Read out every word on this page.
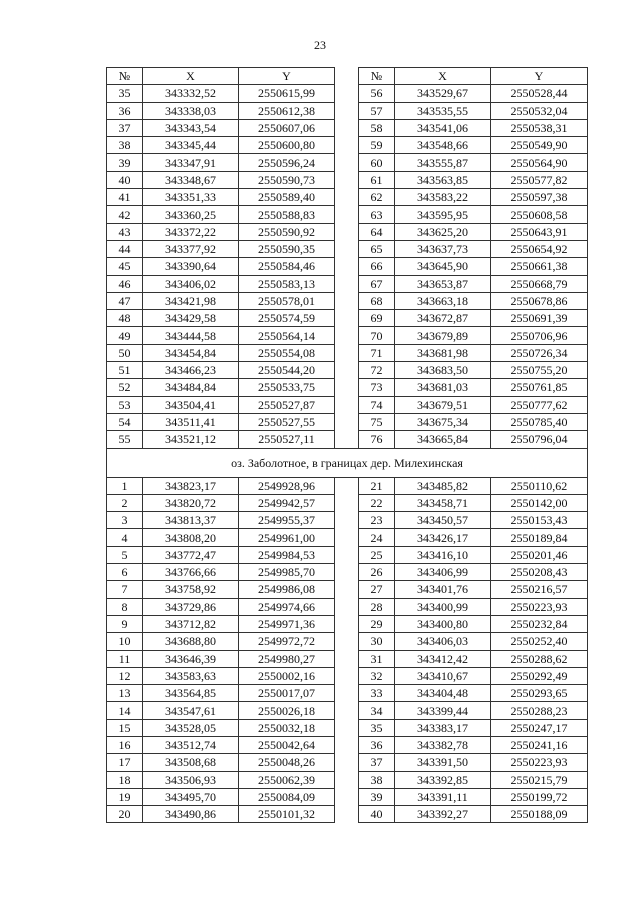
23
№	X	Y		№	X	Y
35	343332,52	2550615,99		56	343529,67	2550528,44
36	343338,03	2550612,38		57	343535,55	2550532,04
37	343343,54	2550607,06		58	343541,06	2550538,31
38	343345,44	2550600,80		59	343548,66	2550549,90
39	343347,91	2550596,24		60	343555,87	2550564,90
40	343348,67	2550590,73		61	343563,85	2550577,82
41	343351,33	2550589,40		62	343583,22	2550597,38
42	343360,25	2550588,83		63	343595,95	2550608,58
43	343372,22	2550590,92		64	343625,20	2550643,91
44	343377,92	2550590,35		65	343637,73	2550654,92
45	343390,64	2550584,46		66	343645,90	2550661,38
46	343406,02	2550583,13		67	343653,87	2550668,79
47	343421,98	2550578,01		68	343663,18	2550678,86
48	343429,58	2550574,59		69	343672,87	2550691,39
49	343444,58	2550564,14		70	343679,89	2550706,96
50	343454,84	2550554,08		71	343681,98	2550726,34
51	343466,23	2550544,20		72	343683,50	2550755,20
52	343484,84	2550533,75		73	343681,03	2550761,85
53	343504,41	2550527,87		74	343679,51	2550777,62
54	343511,41	2550527,55		75	343675,34	2550785,40
55	343521,12	2550527,11		76	343665,84	2550796,04
оз. Заболотное, в границах дер. Милехинская						
1	343823,17	2549928,96		21	343485,82	2550110,62
2	343820,72	2549942,57		22	343458,71	2550142,00
3	343813,37	2549955,37		23	343450,57	2550153,43
4	343808,20	2549961,00		24	343426,17	2550189,84
5	343772,47	2549984,53		25	343416,10	2550201,46
6	343766,66	2549985,70		26	343406,99	2550208,43
7	343758,92	2549986,08		27	343401,76	2550216,57
8	343729,86	2549974,66		28	343400,99	2550223,93
9	343712,82	2549971,36		29	343400,80	2550232,84
10	343688,80	2549972,72		30	343406,03	2550252,40
11	343646,39	2549980,27		31	343412,42	2550288,62
12	343583,63	2550002,16		32	343410,67	2550292,49
13	343564,85	2550017,07		33	343404,48	2550293,65
14	343547,61	2550026,18		34	343399,44	2550288,23
15	343528,05	2550032,18		35	343383,17	2550247,17
16	343512,74	2550042,64		36	343382,78	2550241,16
17	343508,68	2550048,26		37	343391,50	2550223,93
18	343506,93	2550062,39		38	343392,85	2550215,79
19	343495,70	2550084,09		39	343391,11	2550199,72
20	343490,86	2550101,32		40	343392,27	2550188,09
